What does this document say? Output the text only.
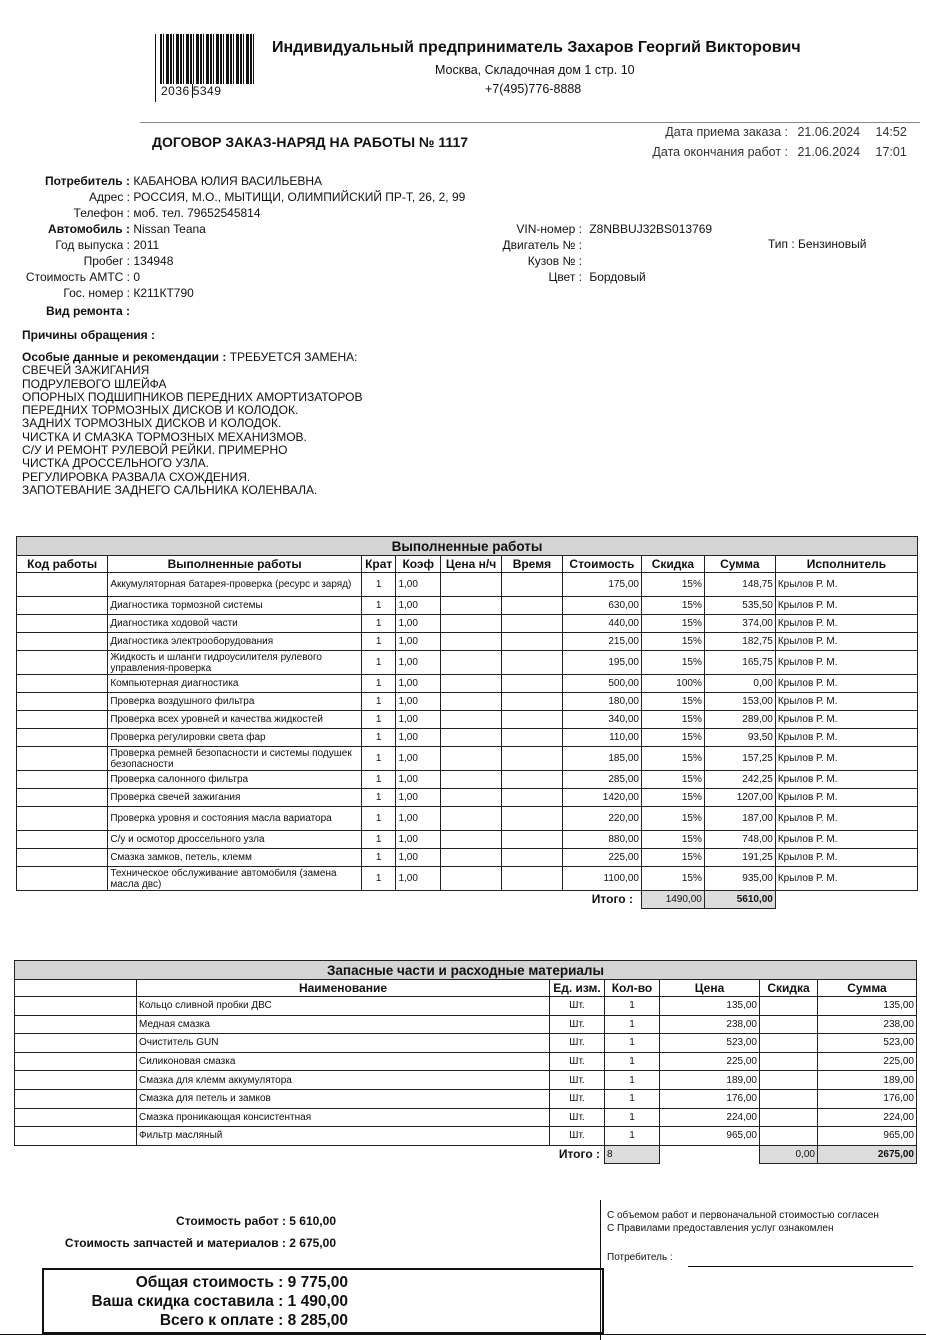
2036 5349
Индивидуальный предприниматель Захаров Георгий Викторович
Москва, Складочная дом 1 стр. 10
+7(495)776-8888
ДОГОВОР ЗАКАЗ-НАРЯД НА РАБОТЫ № 1117
Дата приема заказа : 21.06.2024 14:52
Дата окончания работ : 21.06.2024 17:01
Потребитель : КАБАНОВА ЮЛИЯ ВАСИЛЬЕВНА
Адрес : РОССИЯ, М.О., МЫТИЩИ, ОЛИМПИЙСКИЙ ПР-Т, 26, 2, 99
Телефон : моб. тел. 79652545814
Автомобиль : Nissan Teana
Год выпуска : 2011
Пробег : 134948
Стоимость АМТС : 0
Гос. номер : К211КТ790
Вид ремонта :
VIN-номер : Z8NBBUJ32BS013769
Двигатель № :
Кузов № :
Цвет : Бордовый
Тип : Бензиновый
Причины обращения :
Особые данные и рекомендации : ТРЕБУЕТСЯ ЗАМЕНА:
СВЕЧЕЙ ЗАЖИГАНИЯ
ПОДРУЛЕВОГО ШЛЕЙФА
ОПОРНЫХ ПОДШИПНИКОВ ПЕРЕДНИХ АМОРТИЗАТОРОВ
ПЕРЕДНИХ ТОРМОЗНЫХ ДИСКОВ И КОЛОДОК.
ЗАДНИХ ТОРМОЗНЫХ ДИСКОВ И КОЛОДОК.
ЧИСТКА И СМАЗКА ТОРМОЗНЫХ МЕХАНИЗМОВ.
С/У И РЕМОНТ РУЛЕВОЙ РЕЙКИ. ПРИМЕРНО
ЧИСТКА ДРОССЕЛЬНОГО УЗЛА.
РЕГУЛИРОВКА РАЗВАЛА СХОЖДЕНИЯ.
ЗАПОТЕВАНИЕ ЗАДНЕГО САЛЬНИКА КОЛЕНВАЛА.
Выполненные работы									
Код работы	Выполненные работы	Крат	Коэф	Цена н/ч	Время	Стоимость	Скидка	Сумма	Исполнитель
	Аккумуляторная батарея-проверка (ресурс и заряд)	1	1,00			175,00	15%	148,75	Крылов Р. М.
	Диагностика тормозной системы	1	1,00			630,00	15%	535,50	Крылов Р. М.
	Диагностика ходовой части	1	1,00			440,00	15%	374,00	Крылов Р. М.
	Диагностика электрооборудования	1	1,00			215,00	15%	182,75	Крылов Р. М.
	Жидкость и шланги гидроусилителя рулевого управления-проверка	1	1,00			195,00	15%	165,75	Крылов Р. М.
	Компьютерная диагностика	1	1,00			500,00	100%	0,00	Крылов Р. М.
	Проверка воздушного фильтра	1	1,00			180,00	15%	153,00	Крылов Р. М.
	Проверка всех уровней и качества жидкостей	1	1,00			340,00	15%	289,00	Крылов Р. М.
	Проверка регулировки света фар	1	1,00			110,00	15%	93,50	Крылов Р. М.
	Проверка ремней безопасности и системы подушек безопасности	1	1,00			185,00	15%	157,25	Крылов Р. М.
	Проверка салонного фильтра	1	1,00			285,00	15%	242,25	Крылов Р. М.
	Проверка свечей зажигания	1	1,00			1420,00	15%	1207,00	Крылов Р. М.
	Проверка уровня и состояния масла вариатора	1	1,00			220,00	15%	187,00	Крылов Р. М.
	С/у и осмотор дроссельного узла	1	1,00			880,00	15%	748,00	Крылов Р. М.
	Смазка замков, петель, клемм	1	1,00			225,00	15%	191,25	Крылов Р. М.
	Техническое обслуживание автомобиля (замена масла двс)	1	1,00			1100,00	15%	935,00	Крылов Р. М.
Итого :							1490,00	5610,00	
Запасные части и расходные материалы						
	Наименование	Ед. изм.	Кол-во	Цена	Скидка	Сумма
	Кольцо сливной пробки ДВС	Шт.	1	135,00		135,00
	Медная смазка	Шт.	1	238,00		238,00
	Очиститель GUN	Шт.	1	523,00		523,00
	Силиконовая смазка	Шт.	1	225,00		225,00
	Смазка для клемм аккумулятора	Шт.	1	189,00		189,00
	Смазка для петель и замков	Шт.	1	176,00		176,00
	Смазка проникающая консистентная	Шт.	1	224,00		224,00
	Фильтр масляный	Шт.	1	965,00		965,00
Итого :			8		0,00	2675,00
Стоимость работ : 5 610,00
Стоимость запчастей и материалов : 2 675,00
С объемом работ и первоначальной стоимостью согласен
С Правилами предоставления услуг ознакомлен
Потребитель :
Общая стоимость : 9 775,00
Ваша скидка составила : 1 490,00
Всего к оплате : 8 285,00
